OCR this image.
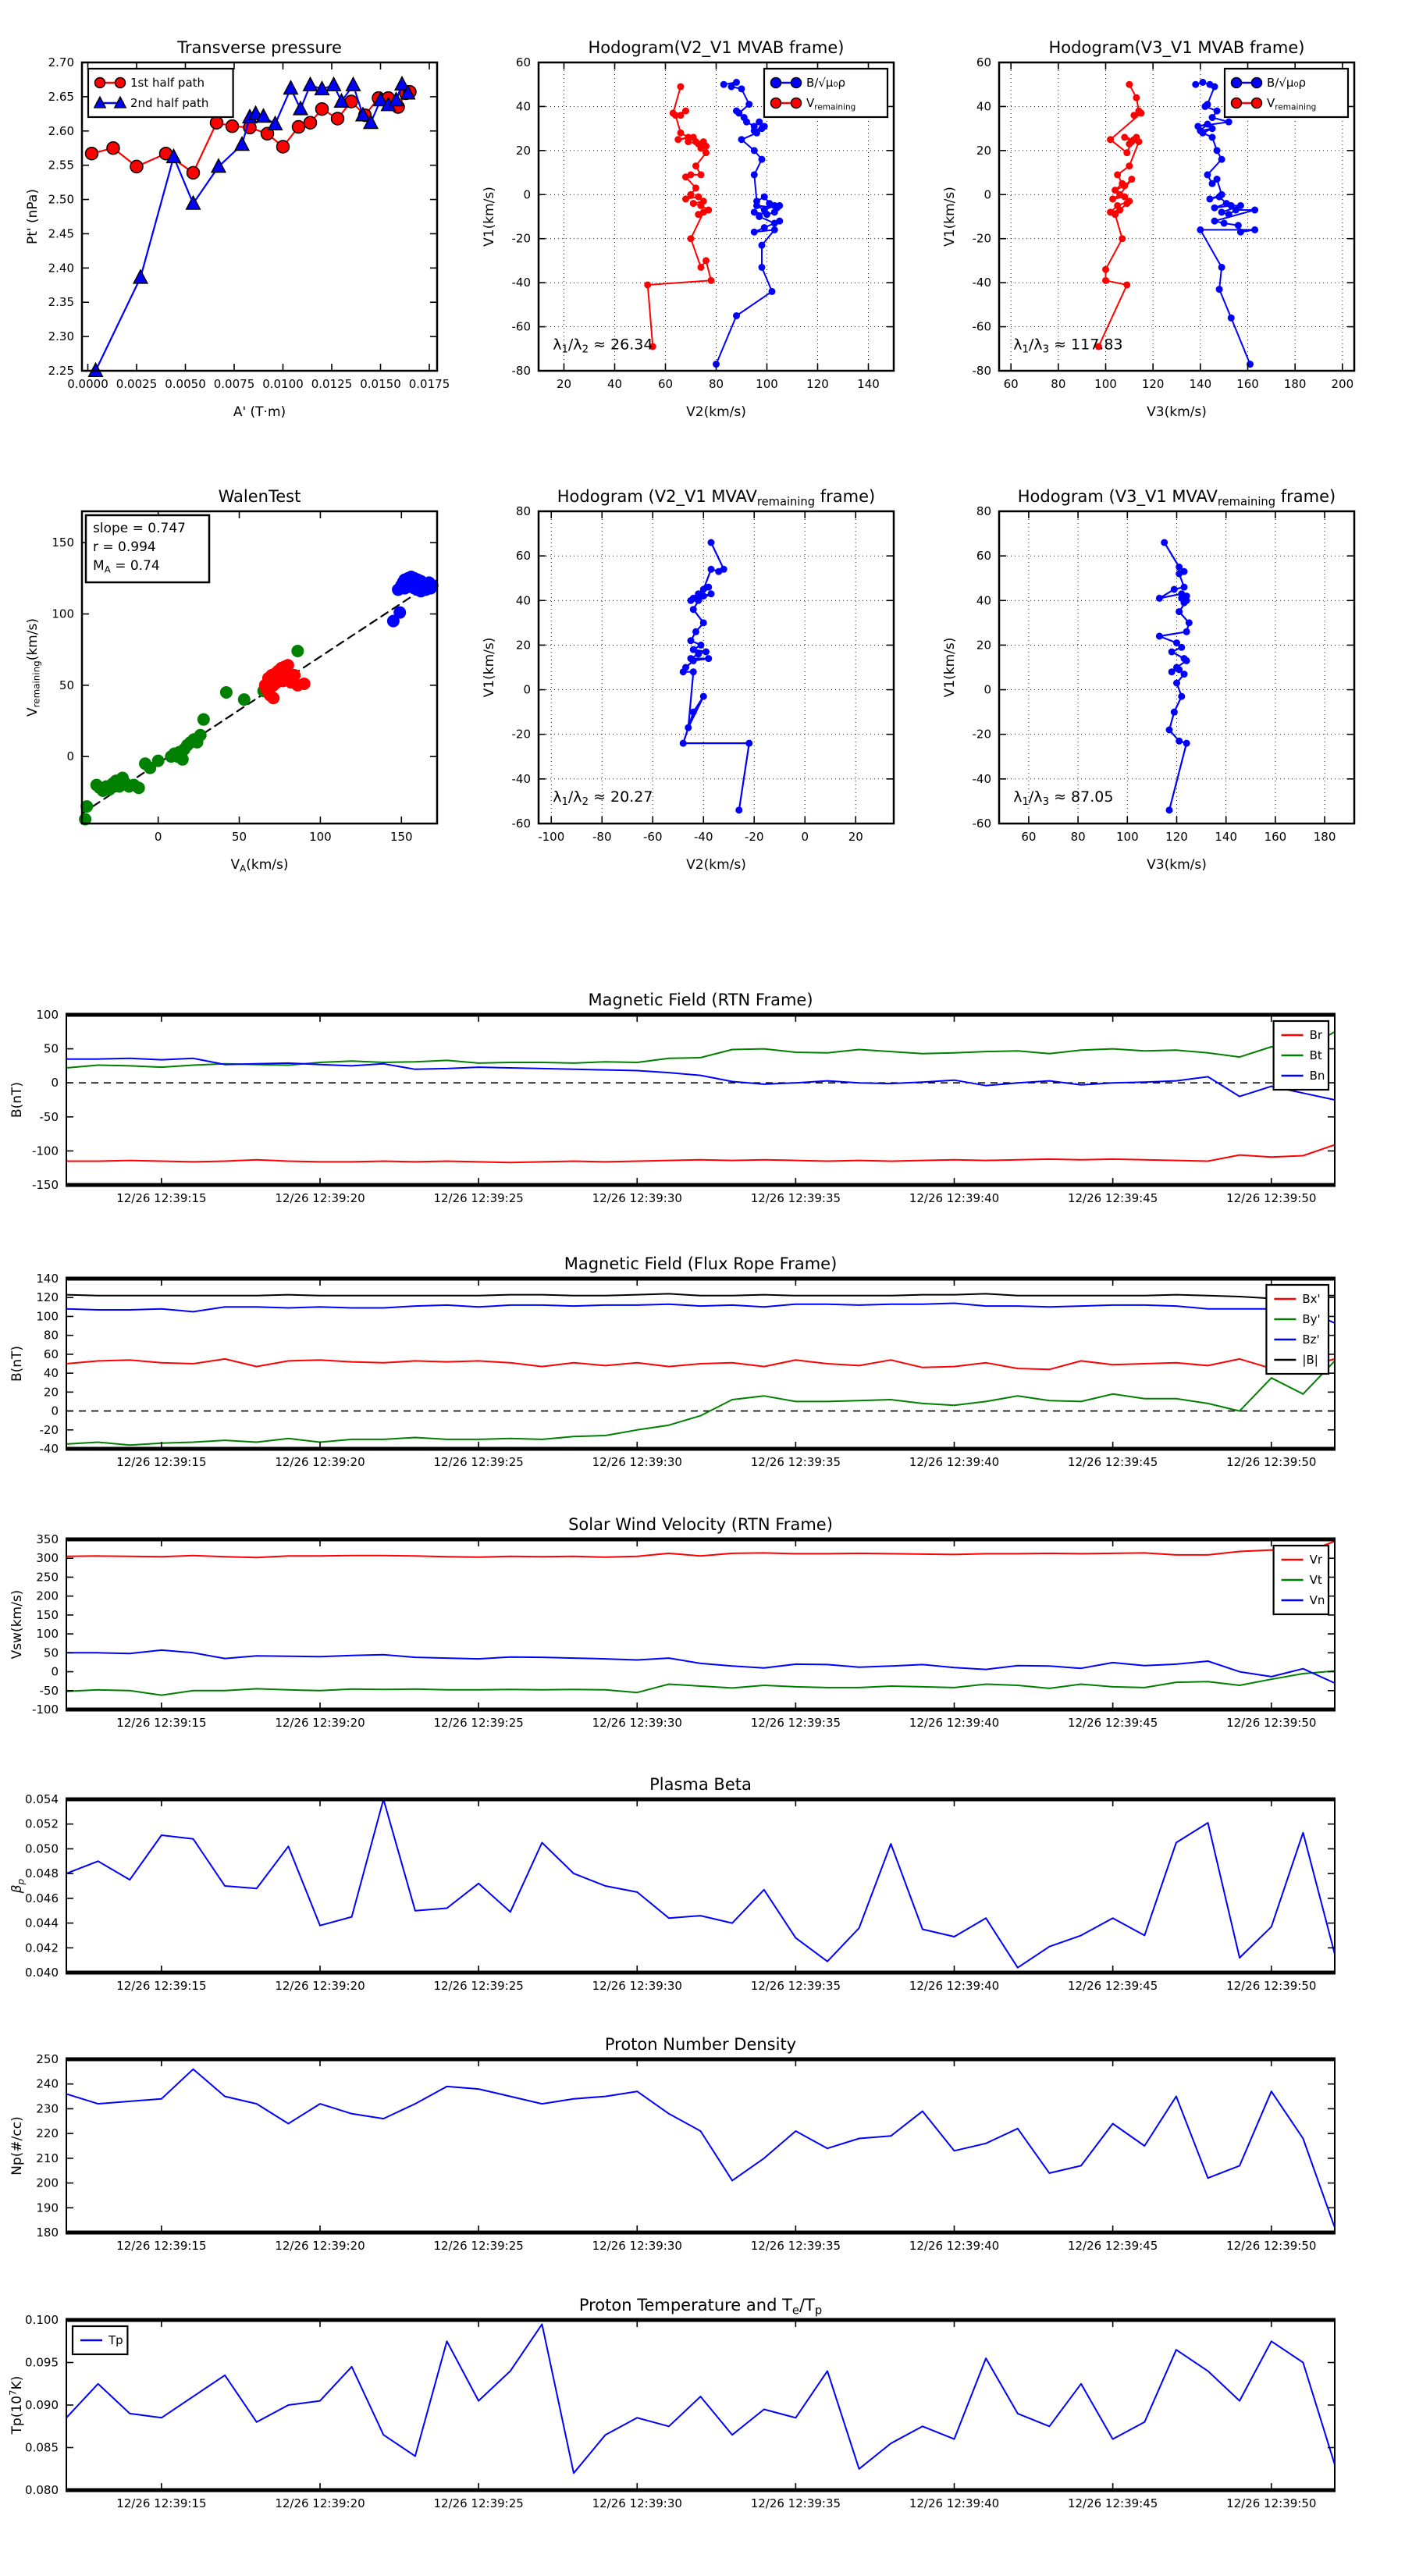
0.0000 0.0025 0.0050 0.0075 0.0100 0.0125 0.0150 0.0175
2.25
2.30
2.35
2.40
2.45
2.50
2.55
2.60
2.65
2.70
Transverse pressure
A' (T·m)
Pt' (nPa)
1st half path
2nd half path
20	40	60	80	100 120 140
-80
-60
-40
-20
0
20
40
60
Hodogram(V2_V1 MVAB frame)
V2(km/s)
V1(km/s)
$\lambda_1/\lambda_2 \approx 26.34$
B/√μ₀ρ
$V_{remaining}$
60	80 100 120 140 160 180 200
-80
-60
-40
-20
0
20
40
60
Hodogram(V3_V1 MVAB frame)
V3(km/s)
V1(km/s)
$\lambda_1/\lambda_3 \approx 117.83$
B/√μ₀ρ
$V_{remaining}$
0	50	100	150
0
50
100
150
WalenTest
$V_A(km/s)$
$V_{remaining}(km/s)$
slope = 0.747
r = 0.994
$M_A = 0.74$
-100 -80	-60	-40	-20	0	20
-60
-40
-20
0
20
40
60
80
Hodogram (V2_V1 $MVAV_{remaining}$ frame)
V2(km/s)
V1(km/s)
$\lambda_1/\lambda_2 \approx 20.27$
60	80	100 120 140 160 180
-60
-40
-20
0
20
40
60
80
Hodogram (V3_V1 $MVAV_{remaining}$ frame)
V3(km/s)
V1(km/s)
$\lambda_1/\lambda_3 \approx 87.05$
12/26 12:39:15	12/26 12:39:20	12/26 12:39:25	12/26 12:39:30	12/26 12:39:35	12/26 12:39:40	12/26 12:39:45	12/26 12:39:50
-150
-100
-50
0
50
100
Magnetic Field (RTN Frame)
B(nT)
Br
Bt
Bn
12/26 12:39:15	12/26 12:39:20	12/26 12:39:25	12/26 12:39:30	12/26 12:39:35	12/26 12:39:40	12/26 12:39:45	12/26 12:39:50
-40
-20
0
20
40
60
80
100
120
140
Magnetic Field (Flux Rope Frame)
B(nT)
Bx'
By'
Bz'
|B|
12/26 12:39:15	12/26 12:39:20	12/26 12:39:25	12/26 12:39:30	12/26 12:39:35	12/26 12:39:40	12/26 12:39:45	12/26 12:39:50
-100
-50
0
50
100
150
200
250
300
350
Solar Wind Velocity (RTN Frame)
Vsw(km/s)
Vr
Vt
Vn
12/26 12:39:15	12/26 12:39:20	12/26 12:39:25	12/26 12:39:30	12/26 12:39:35	12/26 12:39:40	12/26 12:39:45	12/26 12:39:50
0.040
0.042
0.044
0.046
0.048
0.050
0.052
0.054
Plasma Beta
$\beta_p$
12/26 12:39:15	12/26 12:39:20	12/26 12:39:25	12/26 12:39:30	12/26 12:39:35	12/26 12:39:40	12/26 12:39:45	12/26 12:39:50
180
190
200
210
220
230
240
250
Proton Number Density
Np(#/cc)
12/26 12:39:15	12/26 12:39:20	12/26 12:39:25	12/26 12:39:30	12/26 12:39:35	12/26 12:39:40	12/26 12:39:45	12/26 12:39:50
0.080
0.085
0.090
0.095
0.100
Proton Temperature and $T_e/T_p$
$Tp(10^7K)$
Tp
